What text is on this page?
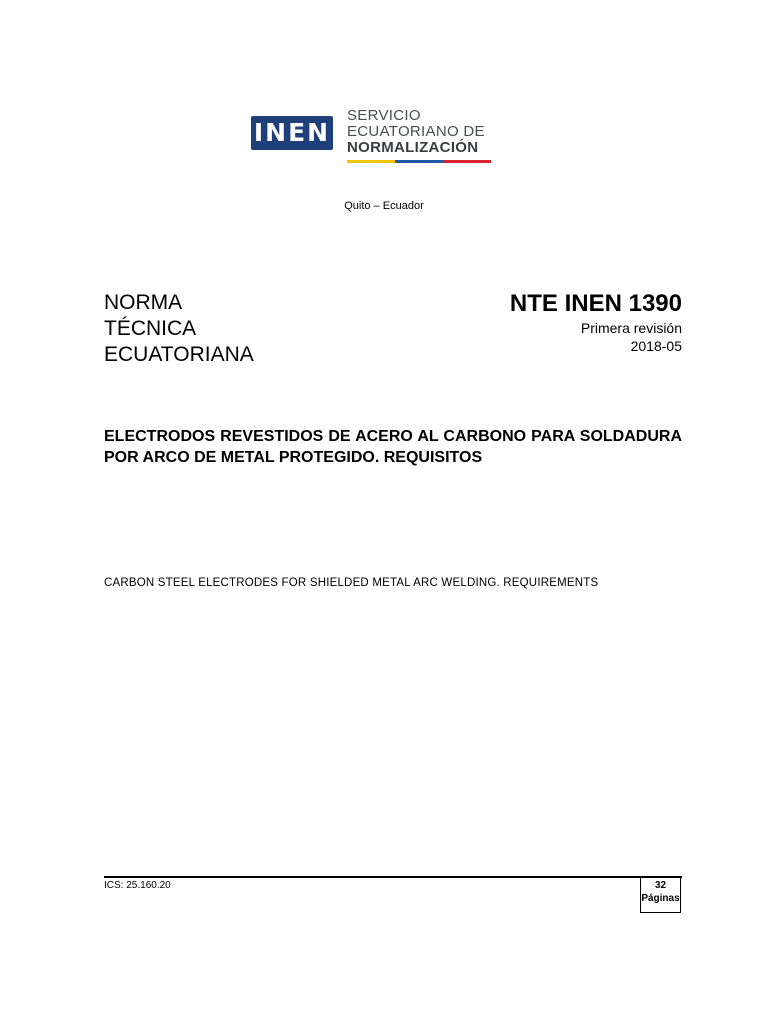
INEN
SERVICIO
ECUATORIANO DE
NORMALIZACIÓN
Quito – Ecuador
NORMA
TÉCNICA
ECUATORIANA
NTE INEN 1390
Primera revisión
2018-05
ELECTRODOS REVESTIDOS DE ACERO AL CARBONO PARA SOLDADURA POR ARCO DE METAL PROTEGIDO. REQUISITOS
CARBON STEEL ELECTRODES FOR SHIELDED METAL ARC WELDING. REQUIREMENTS
ICS: 25.160.20	32
Páginas
